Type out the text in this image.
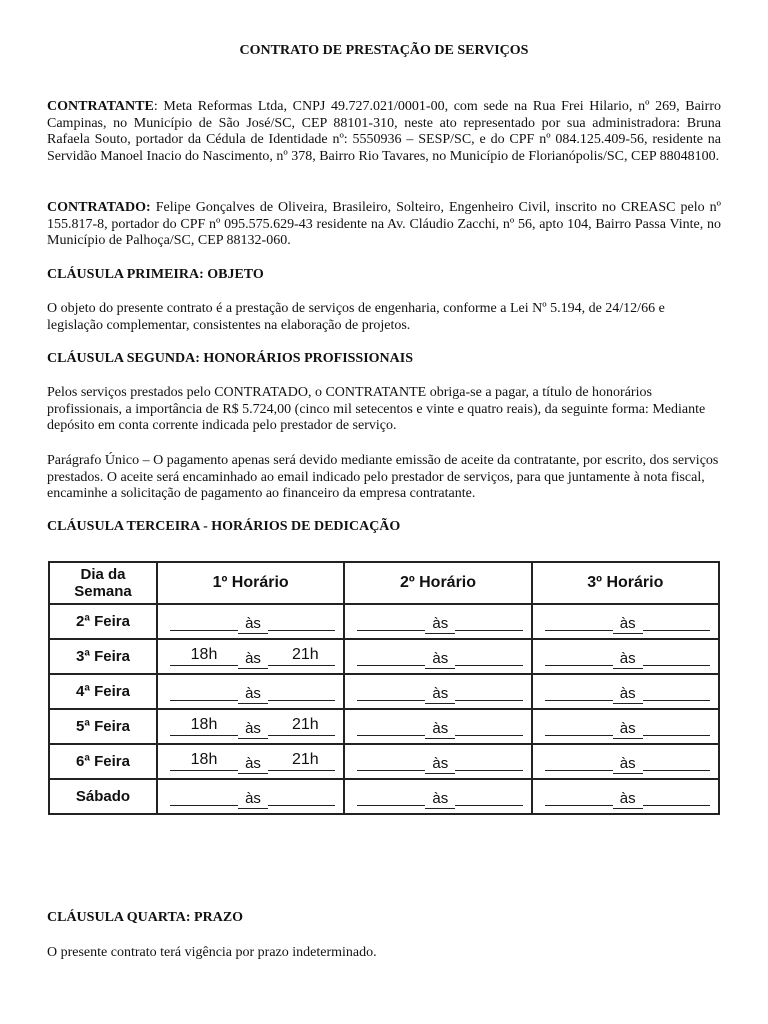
CONTRATO DE PRESTAÇÃO DE SERVIÇOS
CONTRATANTE: Meta Reformas Ltda, CNPJ 49.727.021/0001-00, com sede na Rua Frei Hilario, nº 269, Bairro Campinas, no Município de São José/SC, CEP 88101-310, neste ato representado por sua administradora: Bruna Rafaela Souto, portador da Cédula de Identidade nº: 5550936 – SESP/SC, e do CPF nº 084.125.409-56, residente na Servidão Manoel Inacio do Nascimento, nº 378, Bairro Rio Tavares, no Município de Florianópolis/SC, CEP 88048100.
CONTRATADO: Felipe Gonçalves de Oliveira, Brasileiro, Solteiro, Engenheiro Civil, inscrito no CREASC pelo nº 155.817-8, portador do CPF nº 095.575.629-43 residente na Av. Cláudio Zacchi, nº 56, apto 104, Bairro Passa Vinte, no Município de Palhoça/SC, CEP 88132-060.
CLÁUSULA PRIMEIRA: OBJETO
O objeto do presente contrato é a prestação de serviços de engenharia, conforme a Lei Nº 5.194, de 24/12/66 e legislação complementar, consistentes na elaboração de projetos.
CLÁUSULA SEGUNDA: HONORÁRIOS PROFISSIONAIS
Pelos serviços prestados pelo CONTRATADO, o CONTRATANTE obriga-se a pagar, a título de honorários profissionais, a importância de R$ 5.724,00 (cinco mil setecentos e vinte e quatro reais), da seguinte forma: Mediante depósito em conta corrente indicada pelo prestador de serviço.
Parágrafo Único – O pagamento apenas será devido mediante emissão de aceite da contratante, por escrito, dos serviços prestados. O aceite será encaminhado ao email indicado pelo prestador de serviços, para que juntamente à nota fiscal, encaminhe a solicitação de pagamento ao financeiro da empresa contratante.
CLÁUSULA TERCEIRA - HORÁRIOS DE DEDICAÇÃO
Dia da
Semana	1º Horário	2º Horário	3º Horário
2ª Feira	às	às	às

3ª Feira	18h às 21h	às	às

4ª Feira	às	às	às

5ª Feira	18h às 21h	às	às

6ª Feira	18h às 21h	às	às

Sábado	às	às	às
CLÁUSULA QUARTA: PRAZO
O presente contrato terá vigência por prazo indeterminado.
